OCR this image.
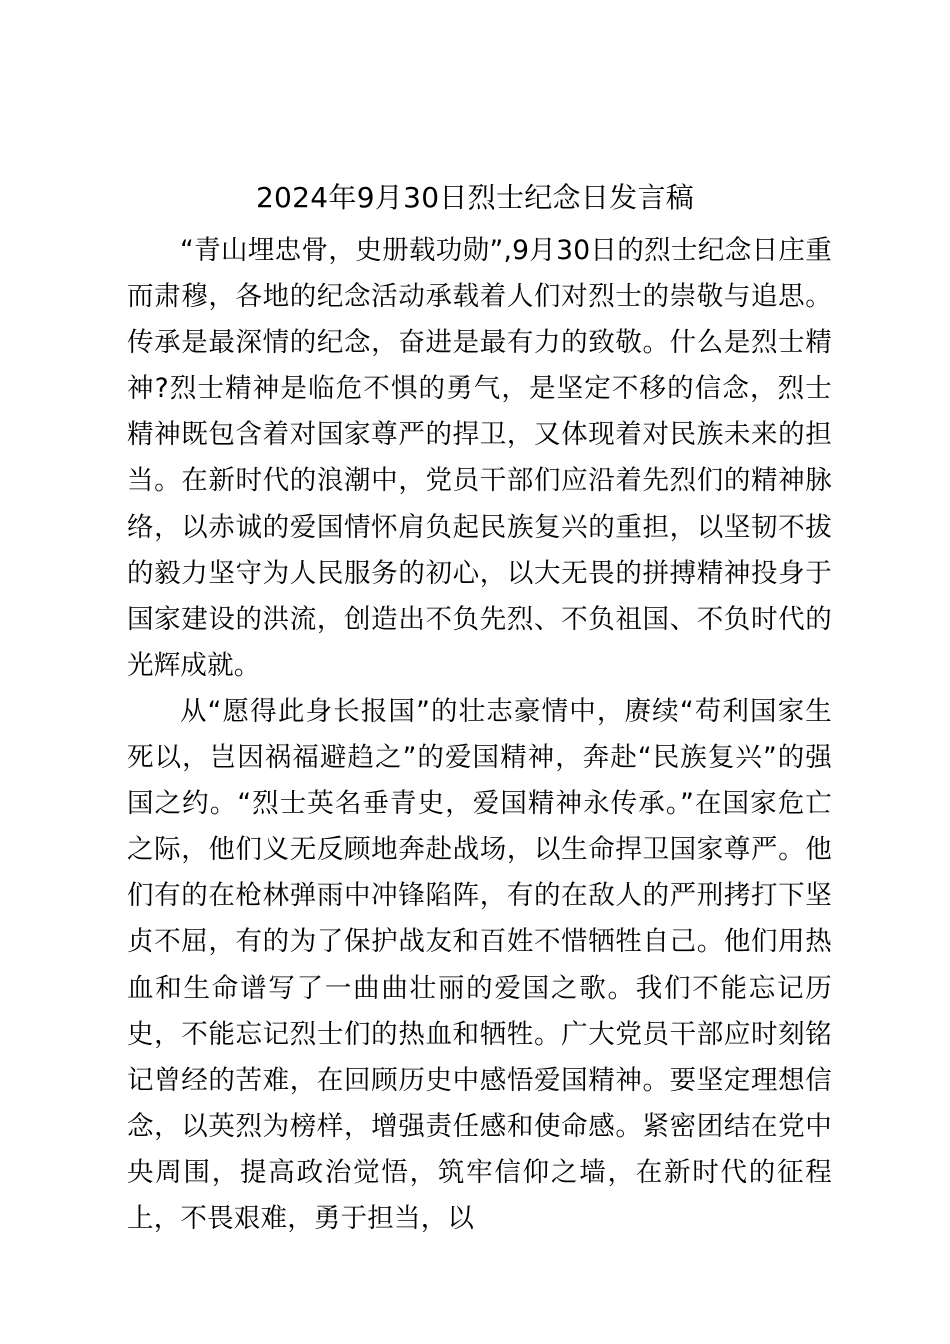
2024年9月30日烈士纪念日发言稿

“青山埋忠骨，史册载功勋”,9月30日的烈士纪念日庄重而肃穆，各地的纪念活动承载着人们对烈士的崇敬与追思。传承是最深情的纪念，奋进是最有力的致敬。什么是烈士精神?烈士精神是临危不惧的勇气，是坚定不移的信念，烈士精神既包含着对国家尊严的捍卫，又体现着对民族未来的担当。在新时代的浪潮中，党员干部们应沿着先烈们的精神脉络，以赤诚的爱国情怀肩负起民族复兴的重担，以坚韧不拔的毅力坚守为人民服务的初心，以大无畏的拼搏精神投身于国家建设的洪流，创造出不负先烈、不负祖国、不负时代的光辉成就。

从“愿得此身长报国”的壮志豪情中，赓续“苟利国家生死以，岂因祸福避趋之”的爱国精神，奔赴“民族复兴”的强国之约。“烈士英名垂青史，爱国精神永传承。”在国家危亡之际，他们义无反顾地奔赴战场，以生命捍卫国家尊严。他们有的在枪林弹雨中冲锋陷阵，有的在敌人的严刑拷打下坚贞不屈，有的为了保护战友和百姓不惜牺牲自己。他们用热血和生命谱写了一曲曲壮丽的爱国之歌。我们不能忘记历史，不能忘记烈士们的热血和牺牲。广大党员干部应时刻铭记曾经的苦难，在回顾历史中感悟爱国精神。要坚定理想信念，以英烈为榜样，增强责任感和使命感。紧密团结在党中央周围，提高政治觉悟，筑牢信仰之墙，在新时代的征程上，不畏艰难，勇于担当，以
